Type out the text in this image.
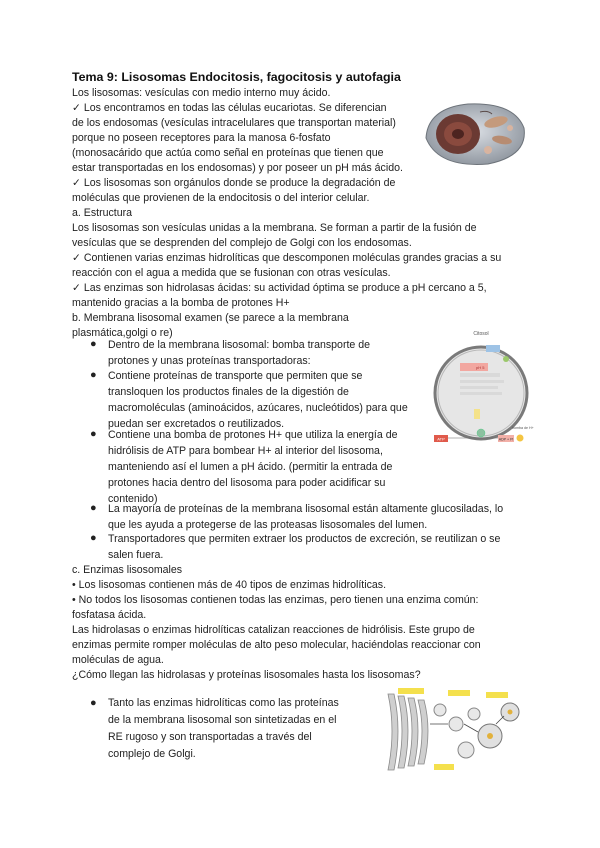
Tema 9: Lisosomas Endocitosis, fagocitosis y autofagia
Los lisosomas: vesículas con medio interno muy ácido.
✓ Los encontramos en todas las células eucariotas. Se diferencian
de los endosomas (vesículas intracelulares que transportan material)
porque no poseen receptores para la manosa 6-fosfato
(monosacárido que actúa como señal en proteínas que tienen que
estar transportadas en los endosomas) y por poseer un pH más ácido.
✓ Los lisosomas son orgánulos donde se produce la degradación de
moléculas que provienen de la endocitosis o del interior celular.
a. Estructura
Los lisosomas son vesículas unidas a la membrana. Se forman a partir de la fusión de
vesículas que se desprenden del complejo de Golgi con los endosomas.
✓ Contienen varias enzimas hidrolíticas que descomponen moléculas grandes gracias a su
reacción con el agua a medida que se fusionan con otras vesículas.
✓ Las enzimas son hidrolasas ácidas: su actividad óptima se produce a pH cercano a 5,
mantenido gracias a la bomba de protones H+
b. Membrana lisosomal examen (se parece a la membrana
plasmática,golgi o re)
● Dentro de la membrana lisosomal: bomba transporte de
protones y unas proteínas transportadoras:
● Contiene proteínas de transporte que permiten que se
transloquen los productos finales de la digestión de
macromoléculas (aminoácidos, azúcares, nucleótidos) para que
puedan ser excretados o reutilizados.
● Contiene una bomba de protones H+ que utiliza la energía de
hidrólisis de ATP para bombear H+ al interior del lisosoma,
manteniendo así el lumen a pH ácido. (permitir la entrada de
protones hacia dentro del lisosoma para poder acidificar su
contenido)
● La mayoría de proteínas de la membrana lisosomal están altamente glucosiladas, lo
que les ayuda a protegerse de las proteasas lisosomales del lumen.
● Transportadores que permiten extraer los productos de excreción, se reutilizan o se
salen fuera.
c. Enzimas lisosomales
• Los lisosomas contienen más de 40 tipos de enzimas hidrolíticas.
• No todos los lisosomas contienen todas las enzimas, pero tienen una enzima común:
fosfatasa ácida.
Las hidrolasas o enzimas hidrolíticas catalizan reacciones de hidrólisis. Este grupo de
enzimas permite romper moléculas de alto peso molecular, haciéndolas reaccionar con
moléculas de agua.
¿Cómo llegan las hidrolasas y proteínas lisosomales hasta los lisosomas?
● Tanto las enzimas hidrolíticas como las proteínas
de la membrana lisosomal son sintetizadas en el
RE rugoso y son transportadas a través del
complejo de Golgi.
Citosol
pH 5
ATP	ADP + Pi
bomba de H+
